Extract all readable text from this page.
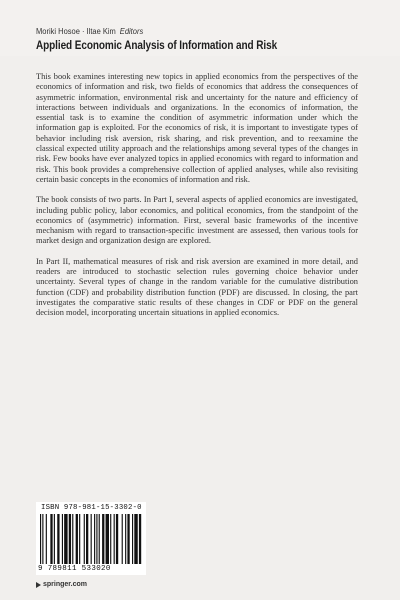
Moriki Hosoe · Iltae Kim Editors
Applied Economic Analysis of Information and Risk

This book examines interesting new topics in applied economics from the perspectives of the economics of information and risk, two fields of economics that address the consequences of asymmetric information, environmental risk and uncertainty for the nature and efficiency of interactions between individuals and organizations. In the economics of information, the essential task is to examine the condition of asymmetric information under which the information gap is exploited. For the economics of risk, it is important to investigate types of behavior including risk aversion, risk sharing, and risk prevention, and to reexamine the classical expected utility approach and the relationships among several types of the changes in risk. Few books have ever analyzed topics in applied economics with regard to information and risk. This book provides a comprehensive collection of applied analyses, while also revisiting certain basic concepts in the economics of information and risk.

The book consists of two parts. In Part I, several aspects of applied economics are investigated, including public policy, labor economics, and political economics, from the standpoint of the economics of (asymmetric) information. First, several basic frameworks of the incentive mechanism with regard to transaction-specific investment are assessed, then various tools for market design and organization design are explored.

In Part II, mathematical measures of risk and risk aversion are examined in more detail, and readers are introduced to stochastic selection rules governing choice behavior under uncertainty. Several types of change in the random variable for the cumulative distribution function (CDF) and probability distribution function (PDF) are discussed. In closing, the part investigates the comparative static results of these changes in CDF or PDF on the general decision model, incorporating uncertain situations in applied economics.

ISBN 978-981-15-3302-0
9 789811 533020
springer.com
